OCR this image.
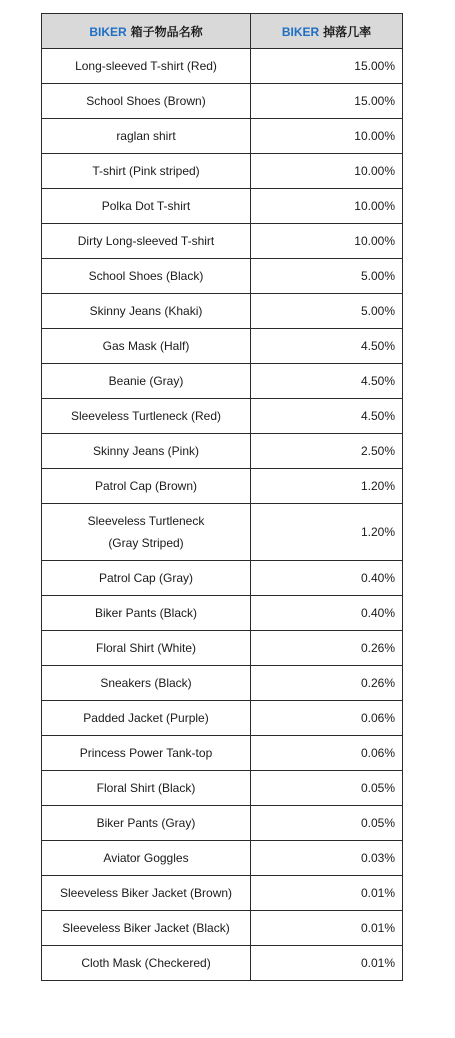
BIKER 箱子物品名称	BIKER 掉落几率
Long-sleeved T-shirt (Red)	15.00%
School Shoes (Brown)	15.00%
raglan shirt	10.00%
T-shirt (Pink striped)	10.00%
Polka Dot T-shirt	10.00%
Dirty Long-sleeved T-shirt	10.00%
School Shoes (Black)	5.00%
Skinny Jeans (Khaki)	5.00%
Gas Mask (Half)	4.50%
Beanie (Gray)	4.50%
Sleeveless Turtleneck (Red)	4.50%
Skinny Jeans (Pink)	2.50%
Patrol Cap (Brown)	1.20%
Sleeveless Turtleneck
(Gray Striped)	1.20%
Patrol Cap (Gray)	0.40%
Biker Pants (Black)	0.40%
Floral Shirt (White)	0.26%
Sneakers (Black)	0.26%
Padded Jacket (Purple)	0.06%
Princess Power Tank-top	0.06%
Floral Shirt (Black)	0.05%
Biker Pants (Gray)	0.05%
Aviator Goggles	0.03%
Sleeveless Biker Jacket (Brown)	0.01%
Sleeveless Biker Jacket (Black)	0.01%
Cloth Mask (Checkered)	0.01%
